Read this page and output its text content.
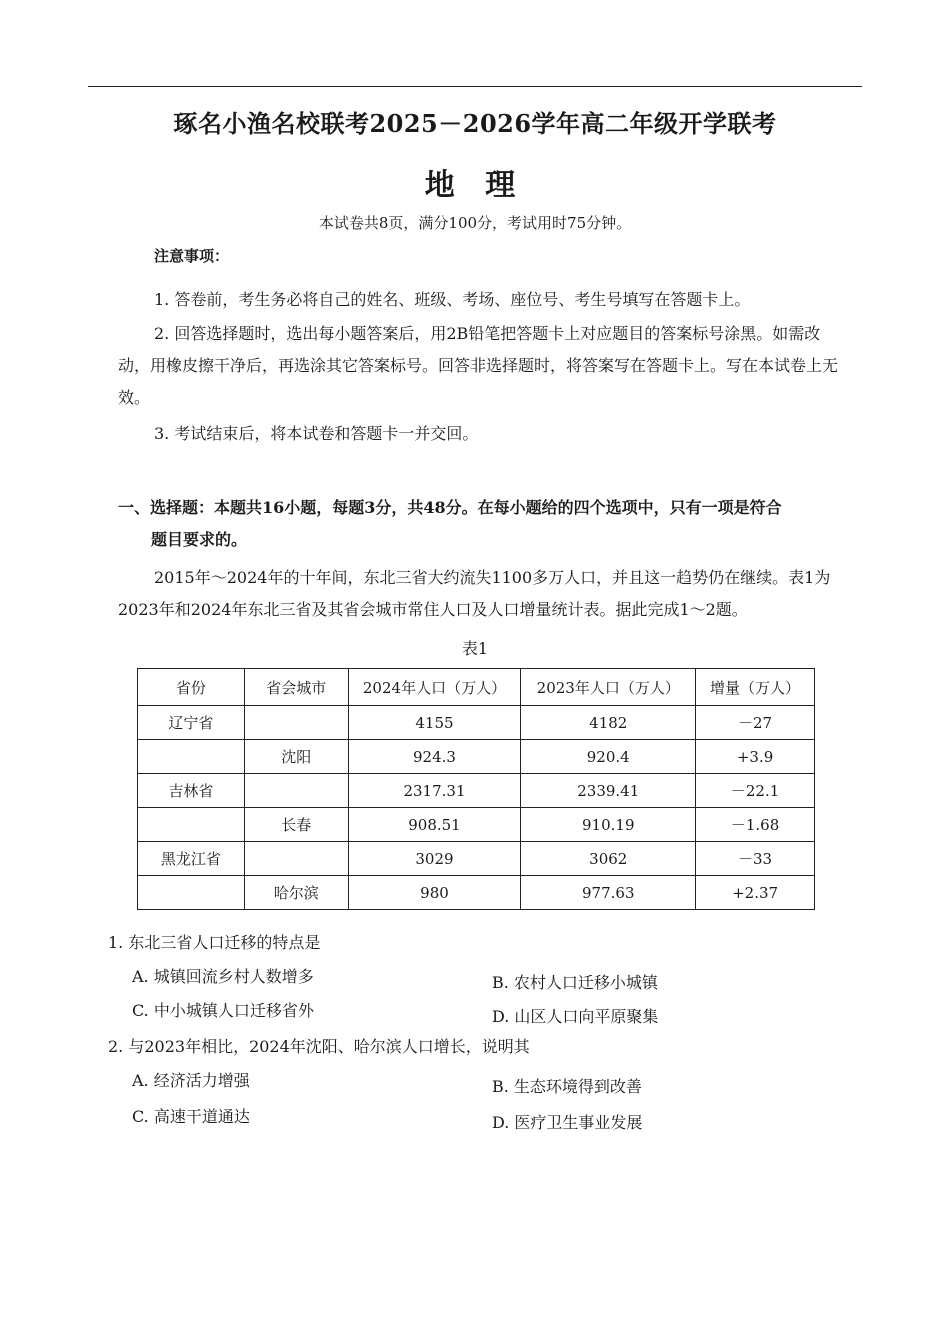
琢名小渔名校联考2025－2026学年高二年级开学联考
地 理
本试卷共8页，满分100分，考试用时75分钟。
注意事项：
1. 答卷前，考生务必将自己的姓名、班级、考场、座位号、考生号填写在答题卡上。
2. 回答选择题时，选出每小题答案后，用2B铅笔把答题卡上对应题目的答案标号涂黑。如需改动，用橡皮擦干净后，再选涂其它答案标号。回答非选择题时，将答案写在答题卡上。写在本试卷上无效。
3. 考试结束后，将本试卷和答题卡一并交回。
一、选择题：本题共16小题，每题3分，共48分。在每小题给的四个选项中，只有一项是符合
题目要求的。
2015年～2024年的十年间，东北三省大约流失1100多万人口，并且这一趋势仍在继续。表1为2023年和2024年东北三省及其省会城市常住人口及人口增量统计表。据此完成1～2题。
表1
省份	省会城市	2024年人口（万人）	2023年人口（万人）	增量（万人）
辽宁省		4155	4182	－27
	沈阳	924.3	920.4	+3.9
吉林省		2317.31	2339.41	－22.1
	长春	908.51	910.19	－1.68
黑龙江省		3029	3062	－33
	哈尔滨	980	977.63	+2.37
1. 东北三省人口迁移的特点是
A. 城镇回流乡村人数增多	B. 农村人口迁移小城镇
C. 中小城镇人口迁移省外	D. 山区人口向平原聚集
2. 与2023年相比，2024年沈阳、哈尔滨人口增长，说明其
A. 经济活力增强	B. 生态环境得到改善
C. 高速干道通达	D. 医疗卫生事业发展
